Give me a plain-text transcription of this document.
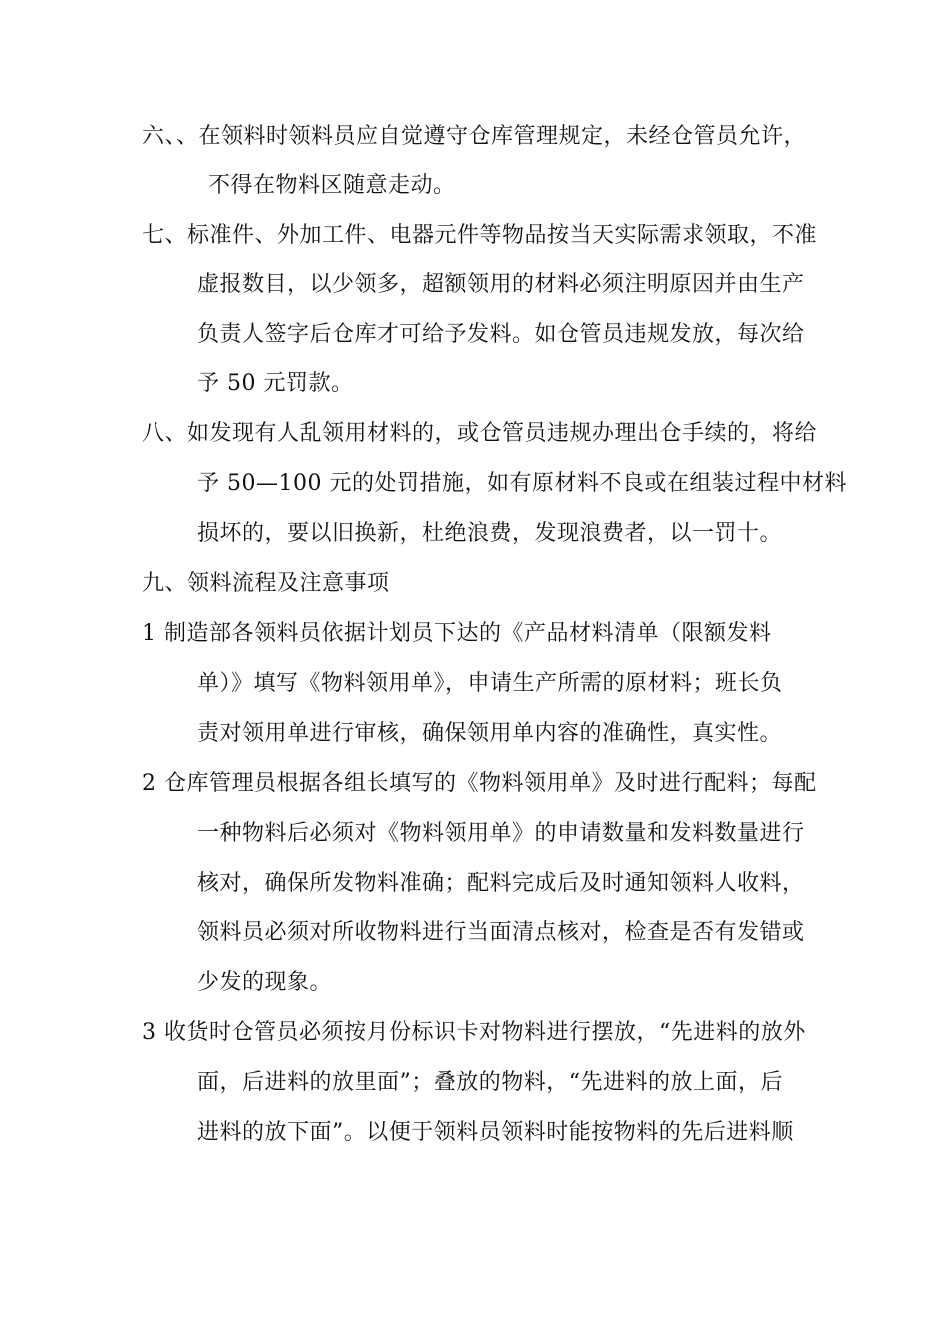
六、、在领料时领料员应自觉遵守仓库管理规定，未经仓管员允许，
不得在物料区随意走动。
七、标准件、外加工件、电器元件等物品按当天实际需求领取，不准
虚报数目，以少领多，超额领用的材料必须注明原因并由生产
负责人签字后仓库才可给予发料。如仓管员违规发放，每次给
予 50 元罚款。
八、如发现有人乱领用材料的，或仓管员违规办理出仓手续的，将给
予 50—100 元的处罚措施，如有原材料不良或在组装过程中材料
损坏的，要以旧换新，杜绝浪费，发现浪费者，以一罚十。
九、领料流程及注意事项
1 制造部各领料员依据计划员下达的《产品材料清单（限额发料
单）》填写《物料领用单》，申请生产所需的原材料；班长负
责对领用单进行审核，确保领用单内容的准确性，真实性。
2 仓库管理员根据各组长填写的《物料领用单》及时进行配料；每配
一种物料后必须对《物料领用单》的申请数量和发料数量进行
核对，确保所发物料准确；配料完成后及时通知领料人收料，
领料员必须对所收物料进行当面清点核对，检查是否有发错或
少发的现象。
3 收货时仓管员必须按月份标识卡对物料进行摆放，“先进料的放外
面，后进料的放里面”；叠放的物料，“先进料的放上面，后
进料的放下面”。以便于领料员领料时能按物料的先后进料顺
